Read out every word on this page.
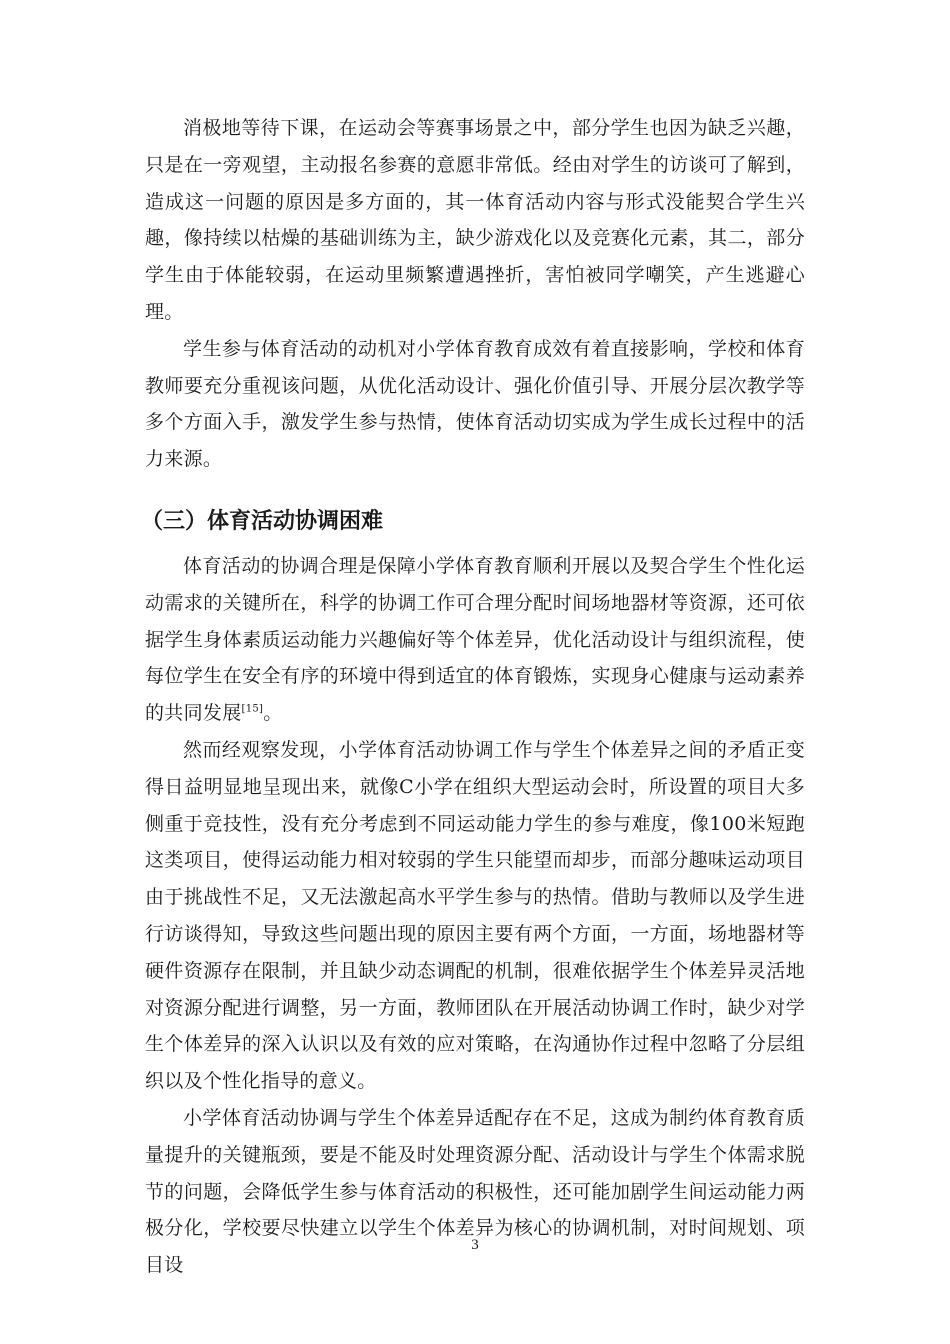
消极地等待下课，在运动会等赛事场景之中，部分学生也因为缺乏兴趣，只是在一旁观望，主动报名参赛的意愿非常低。经由对学生的访谈可了解到，造成这一问题的原因是多方面的，其一体育活动内容与形式没能契合学生兴趣，像持续以枯燥的基础训练为主，缺少游戏化以及竞赛化元素，其二，部分学生由于体能较弱，在运动里频繁遭遇挫折，害怕被同学嘲笑，产生逃避心理。

学生参与体育活动的动机对小学体育教育成效有着直接影响，学校和体育教师要充分重视该问题，从优化活动设计、强化价值引导、开展分层次教学等多个方面入手，激发学生参与热情，使体育活动切实成为学生成长过程中的活力来源。

（三）体育活动协调困难

体育活动的协调合理是保障小学体育教育顺利开展以及契合学生个性化运动需求的关键所在，科学的协调工作可合理分配时间场地器材等资源，还可依据学生身体素质运动能力兴趣偏好等个体差异，优化活动设计与组织流程，使每位学生在安全有序的环境中得到适宜的体育锻炼，实现身心健康与运动素养的共同发展[15]。

然而经观察发现，小学体育活动协调工作与学生个体差异之间的矛盾正变得日益明显地呈现出来，就像C小学在组织大型运动会时，所设置的项目大多侧重于竞技性，没有充分考虑到不同运动能力学生的参与难度，像100米短跑这类项目，使得运动能力相对较弱的学生只能望而却步，而部分趣味运动项目由于挑战性不足，又无法激起高水平学生参与的热情。借助与教师以及学生进行访谈得知，导致这些问题出现的原因主要有两个方面，一方面，场地器材等硬件资源存在限制，并且缺少动态调配的机制，很难依据学生个体差异灵活地对资源分配进行调整，另一方面，教师团队在开展活动协调工作时，缺少对学生个体差异的深入认识以及有效的应对策略，在沟通协作过程中忽略了分层组织以及个性化指导的意义。

小学体育活动协调与学生个体差异适配存在不足，这成为制约体育教育质量提升的关键瓶颈，要是不能及时处理资源分配、活动设计与学生个体需求脱节的问题，会降低学生参与体育活动的积极性，还可能加剧学生间运动能力两极分化，学校要尽快建立以学生个体差异为核心的协调机制，对时间规划、项目设

3
